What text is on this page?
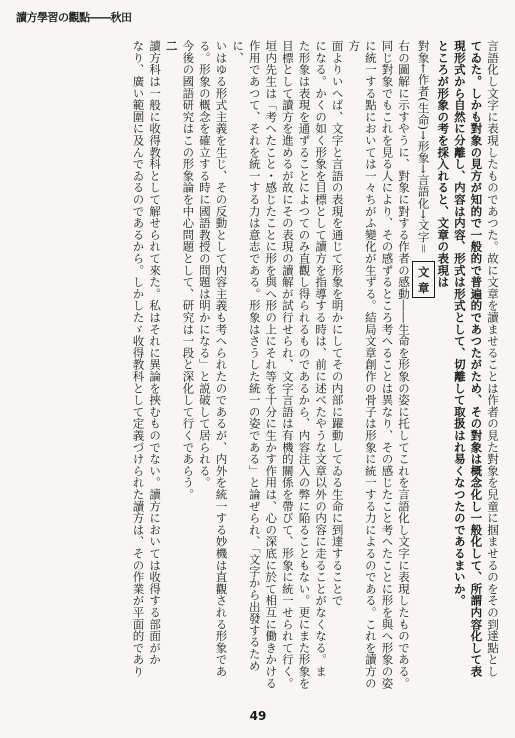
讀方學習の觀點――秋田

言語化し文字に表現したものであつた。故に文章を讀ませることは作者の見た對象を兒童に掴ませるのをその到達點とし

てゐた。しかも對象の見方が知的で一般的で普遍的であつたがため、その對象は概念化し一般化して、所謂内容化して表

現形式から自然に分離し、内容は内容、形式は形式として、切離して取扱はれ易くなつたのであるまいか。

ところが形象の考を採入れると、文章の表現は

對象←作者(生命)→形象→言語化→文字＝文 章

右の圖解に示すやうに、對象に對する作者の感動――生命を形象の姿に托してこれを言語化し文字に表現したものである。

同じ對象でもこれを見る人により、その感ずるところ考へることは異なり、その感じたこと考へたことに形を與へ形象の姿

に統一する點においては一々ちがふ變化が生ずる。結局文章創作の骨子は形象に統一する力によるのである。これを讀方の方

面よりいへば、文字と言語の表現を通じて形象を明かにしてその内部に躍動してゐる生命に到達することで

になる。かくの如く形象を目標として讀方を指導する時は、前に述べたやうな文章以外の内容に走ることがなくなる。ま

た形象は表現を通ずることによつてのみ直觀し得られるものであるから、内容注入の弊に陥ることもない。更にまた形象を

目標として讀方を進めるが故にその表現の讀解が試行せられ、文字言語は有機的關係を帶びて、形象に統一せられて行く。

垣内先生は「考へたこと・感じたことに形を與へ形の上にそれ等を十分に生かす作用は、心の深底に於て相互に働きかける

作用であつて、それを統一する力は意志である。形象はさうした統一の姿である」と論ぜられ、「文字から出發するために、

いはゆる形式主義を生じ、その反動として内容主義も考へられたのであるが、内外を統一する妙機は直觀される形象であ

る。形象の概念を確立する時に國語教授の問題は明かになる」と説破して居られる。

今後の國語研究はこの形象論を中心問題として、研究は一段と深化して行くであらう。

二

讀方科は一般に收得教科として解せられて來た。私はそれに異論を挾むものでない。讀方においては收得する部面がか

なり、廣い範圍に及んでゐるのであるから。しかしたゞ收得教科として定義づけられた讀方は、その作業が平面的であり

49
